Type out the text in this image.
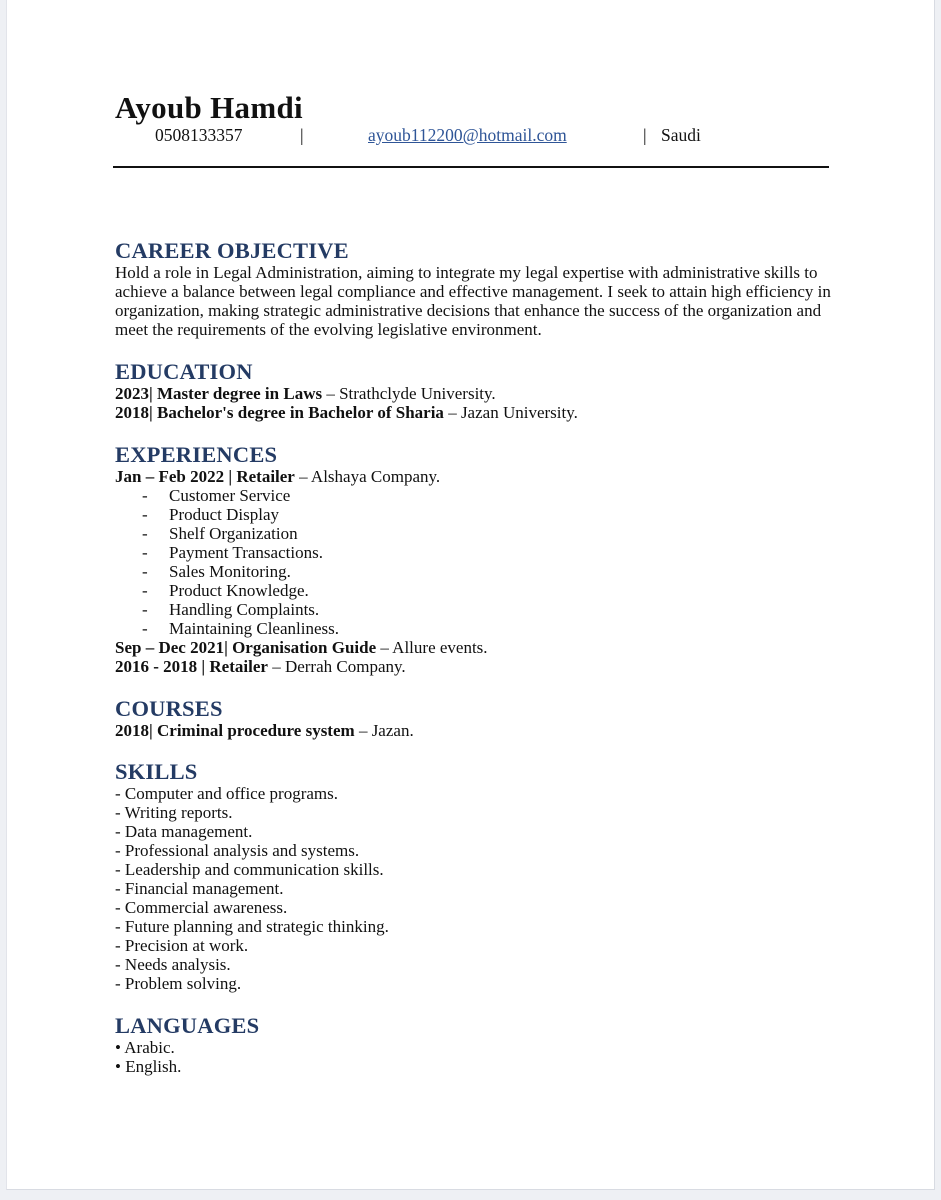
Ayoub Hamdi
0508133357	|	ayoub112200@hotmail.com	| Saudi
CAREER OBJECTIVE

Hold a role in Legal Administration, aiming to integrate my legal expertise with administrative skills to achieve a balance between legal compliance and effective management. I seek to attain high efficiency in organization, making strategic administrative decisions that enhance the success of the organization and meet the requirements of the evolving legislative environment.

EDUCATION
2023| Master degree in Laws – Strathclyde University.
2018| Bachelor's degree in Bachelor of Sharia – Jazan University.
EXPERIENCES
Jan – Feb 2022 | Retailer – Alshaya Company.
- Customer Service
- Product Display
- Shelf Organization
- Payment Transactions.
- Sales Monitoring.
- Product Knowledge.
- Handling Complaints.
- Maintaining Cleanliness.
Sep – Dec 2021| Organisation Guide – Allure events.
2016 - 2018 | Retailer – Derrah Company.
COURSES
2018| Criminal procedure system – Jazan.
SKILLS
- Computer and office programs.
- Writing reports.
- Data management.
- Professional analysis and systems.
- Leadership and communication skills.
- Financial management.
- Commercial awareness.
- Future planning and strategic thinking.
- Precision at work.
- Needs analysis.
- Problem solving.
LANGUAGES
• Arabic.
• English.
